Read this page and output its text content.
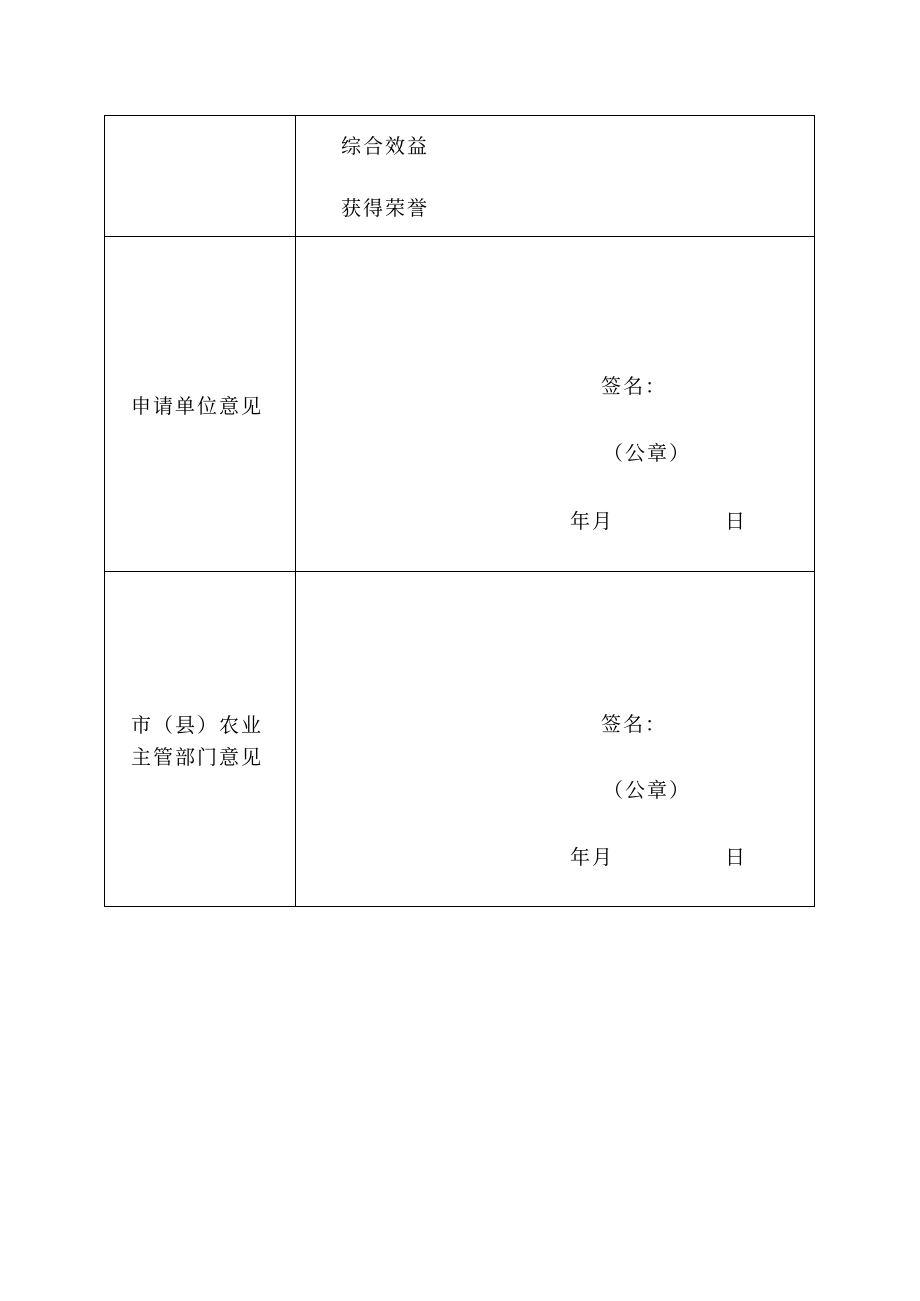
综合效益
获得荣誉
申请单位意见
签名：
（公章）
年月	日
市（县）农业
主管部门意见
签名：
（公章）
年月	日
